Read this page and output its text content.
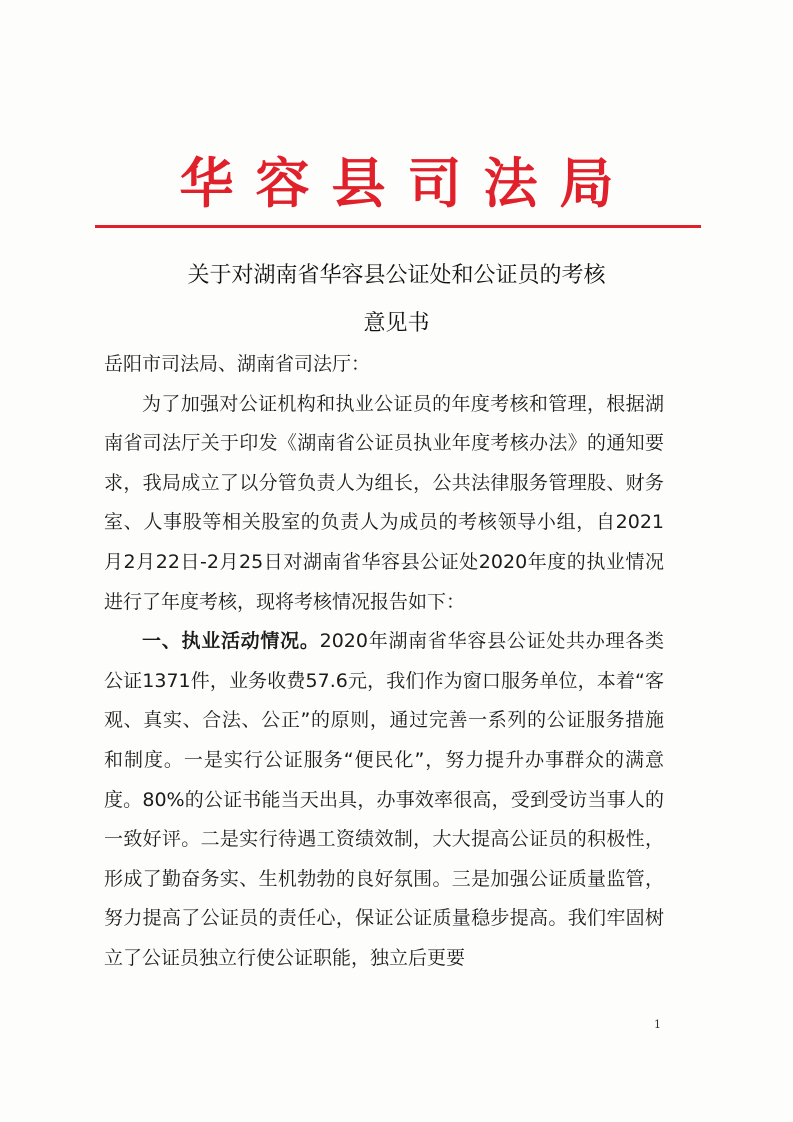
华容县司法局
关于对湖南省华容县公证处和公证员的考核
意见书

岳阳市司法局、湖南省司法厅：

为了加强对公证机构和执业公证员的年度考核和管理，根据湖南省司法厅关于印发《湖南省公证员执业年度考核办法》的通知要求，我局成立了以分管负责人为组长，公共法律服务管理股、财务室、人事股等相关股室的负责人为成员的考核领导小组，自2021月2月22日-2月25日对湖南省华容县公证处2020年度的执业情况进行了年度考核，现将考核情况报告如下：

一、执业活动情况。2020年湖南省华容县公证处共办理各类公证1371件，业务收费57.6元，我们作为窗口服务单位，本着“客观、真实、合法、公正”的原则，通过完善一系列的公证服务措施和制度。一是实行公证服务“便民化”，努力提升办事群众的满意度。80%的公证书能当天出具，办事效率很高，受到受访当事人的一致好评。二是实行待遇工资绩效制，大大提高公证员的积极性，形成了勤奋务实、生机勃勃的良好氛围。三是加强公证质量监管，努力提高了公证员的责任心，保证公证质量稳步提高。我们牢固树立了公证员独立行使公证职能，独立后更要

1
